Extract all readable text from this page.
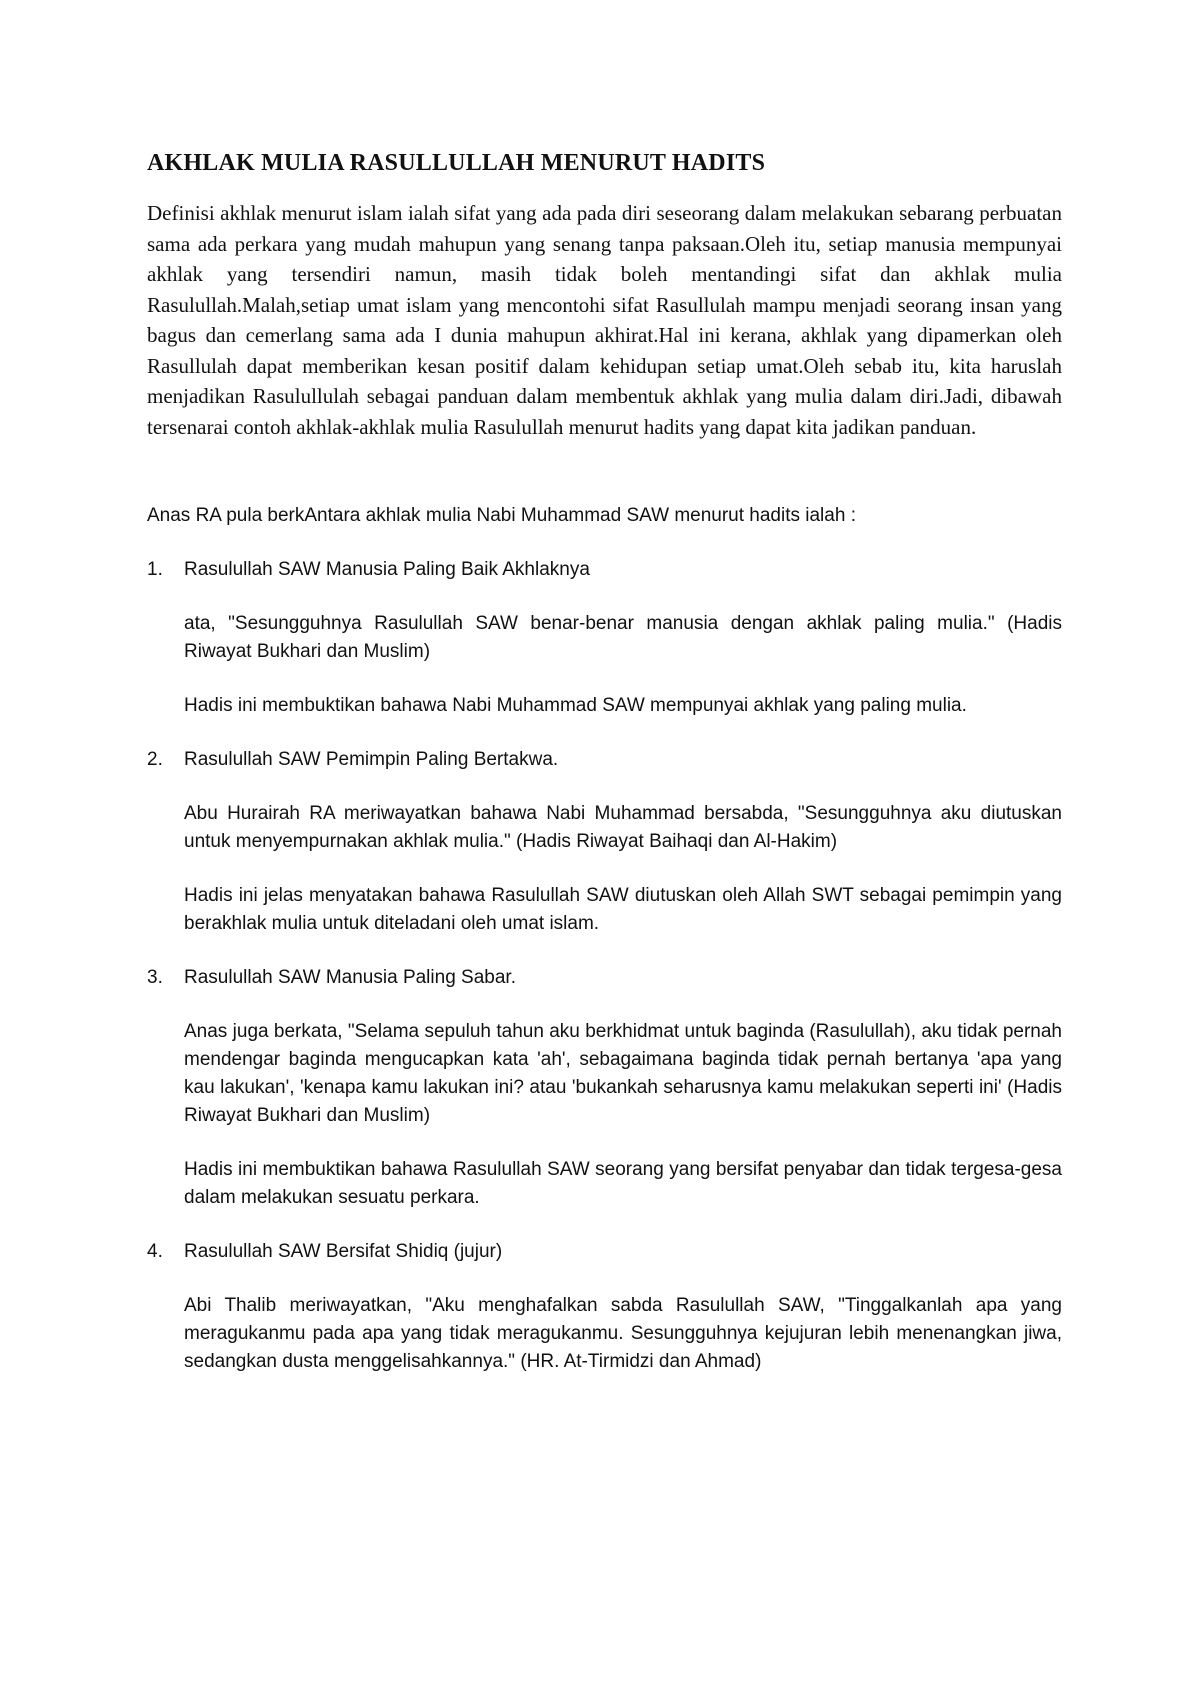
AKHLAK MULIA RASULLULLAH MENURUT HADITS

Definisi akhlak menurut islam ialah sifat yang ada pada diri seseorang dalam melakukan sebarang perbuatan sama ada perkara yang mudah mahupun yang senang tanpa paksaan.Oleh itu, setiap manusia mempunyai akhlak yang tersendiri namun, masih tidak boleh mentandingi sifat dan akhlak mulia Rasulullah.Malah,setiap umat islam yang mencontohi sifat Rasullulah mampu menjadi seorang insan yang bagus dan cemerlang sama ada I dunia mahupun akhirat.Hal ini kerana, akhlak yang dipamerkan oleh Rasullulah dapat memberikan kesan positif dalam kehidupan setiap umat.Oleh sebab itu, kita haruslah menjadikan Rasulullulah sebagai panduan dalam membentuk akhlak yang mulia dalam diri.Jadi, dibawah tersenarai contoh akhlak-akhlak mulia Rasulullah menurut hadits yang dapat kita jadikan panduan.

Anas RA pula berkAntara akhlak mulia Nabi Muhammad SAW menurut hadits ialah :

1.	Rasulullah SAW Manusia Paling Baik Akhlaknya

ata, "Sesungguhnya Rasulullah SAW benar-benar manusia dengan akhlak paling mulia." (Hadis Riwayat Bukhari dan Muslim)

Hadis ini membuktikan bahawa Nabi Muhammad SAW mempunyai akhlak yang paling mulia.

2.	Rasulullah SAW Pemimpin Paling Bertakwa.

Abu Hurairah RA meriwayatkan bahawa Nabi Muhammad bersabda, "Sesungguhnya aku diutuskan untuk menyempurnakan akhlak mulia." (Hadis Riwayat Baihaqi dan Al-Hakim)

Hadis ini jelas menyatakan bahawa Rasulullah SAW diutuskan oleh Allah SWT sebagai pemimpin yang berakhlak mulia untuk diteladani oleh umat islam.

3.	Rasulullah SAW Manusia Paling Sabar.

Anas juga berkata, "Selama sepuluh tahun aku berkhidmat untuk baginda (Rasulullah), aku tidak pernah mendengar baginda mengucapkan kata 'ah', sebagaimana baginda tidak pernah bertanya 'apa yang kau lakukan', 'kenapa kamu lakukan ini? atau 'bukankah seharusnya kamu melakukan seperti ini' (Hadis Riwayat Bukhari dan Muslim)

Hadis ini membuktikan bahawa Rasulullah SAW seorang yang bersifat penyabar dan tidak tergesa-gesa dalam melakukan sesuatu perkara.

4.	Rasulullah SAW Bersifat Shidiq (jujur)

Abi Thalib meriwayatkan, "Aku menghafalkan sabda Rasulullah SAW, "Tinggalkanlah apa yang meragukanmu pada apa yang tidak meragukanmu. Sesungguhnya kejujuran lebih menenangkan jiwa, sedangkan dusta menggelisahkannya." (HR. At-Tirmidzi dan Ahmad)
